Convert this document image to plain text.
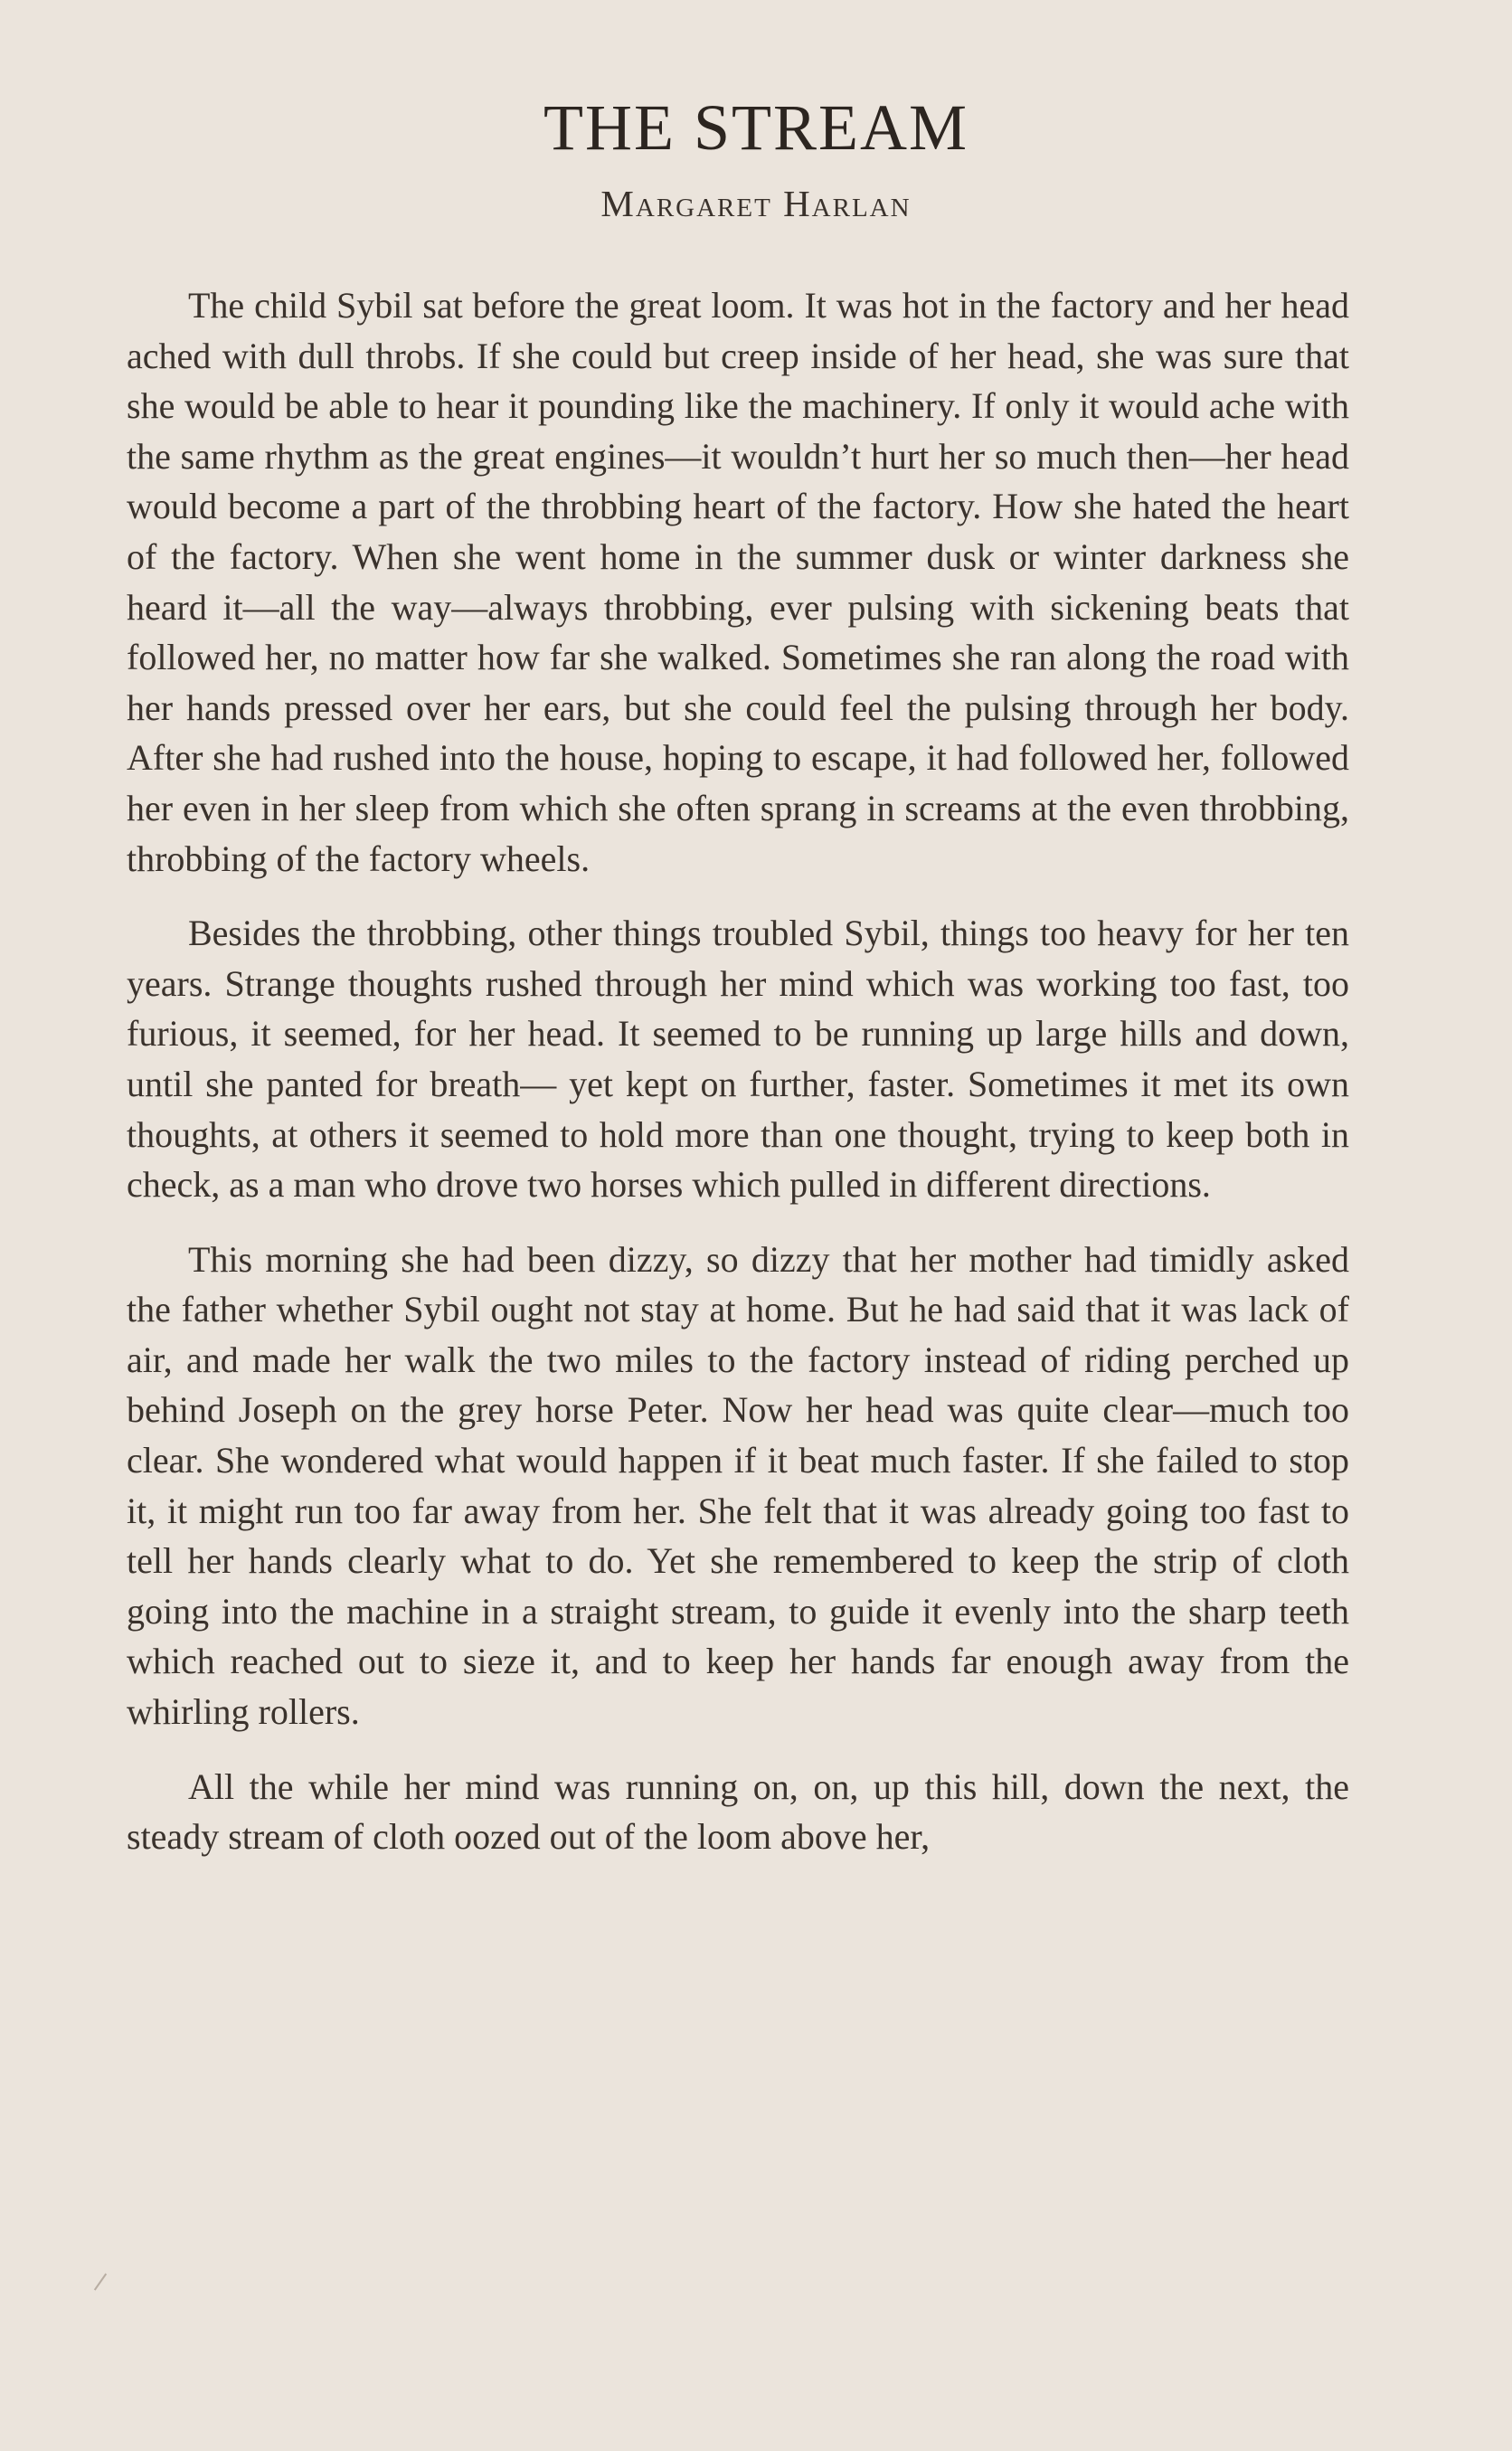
THE STREAM
Margaret Harlan

The child Sybil sat before the great loom. It was hot in the factory and her head ached with dull throbs. If she could but creep inside of her head, she was sure that she would be able to hear it pounding like the machinery. If only it would ache with the same rhythm as the great engines—it wouldn’t hurt her so much then—her head would become a part of the throbbing heart of the factory. How she hated the heart of the factory. When she went home in the summer dusk or winter darkness she heard it—all the way—always throbbing, ever pulsing with sickening beats that followed her, no matter how far she walked. Sometimes she ran along the road with her hands pressed over her ears, but she could feel the pulsing through her body. After she had rushed into the house, hoping to escape, it had followed her, followed her even in her sleep from which she often sprang in screams at the even throbbing, throbbing of the factory wheels.

Besides the throbbing, other things troubled Sybil, things too heavy for her ten years. Strange thoughts rushed through her mind which was working too fast, too furious, it seemed, for her head. It seemed to be running up large hills and down, until she panted for breath— yet kept on further, faster. Sometimes it met its own thoughts, at others it seemed to hold more than one thought, trying to keep both in check, as a man who drove two horses which pulled in different directions.

This morning she had been dizzy, so dizzy that her mother had timidly asked the father whether Sybil ought not stay at home. But he had said that it was lack of air, and made her walk the two miles to the factory instead of riding perched up behind Joseph on the grey horse Peter. Now her head was quite clear—much too clear. She wondered what would happen if it beat much faster. If she failed to stop it, it might run too far away from her. She felt that it was already going too fast to tell her hands clearly what to do. Yet she remembered to keep the strip of cloth going into the machine in a straight stream, to guide it evenly into the sharp teeth which reached out to sieze it, and to keep her hands far enough away from the whirling rollers.

All the while her mind was running on, on, up this hill, down the next, the steady stream of cloth oozed out of the loom above her,
